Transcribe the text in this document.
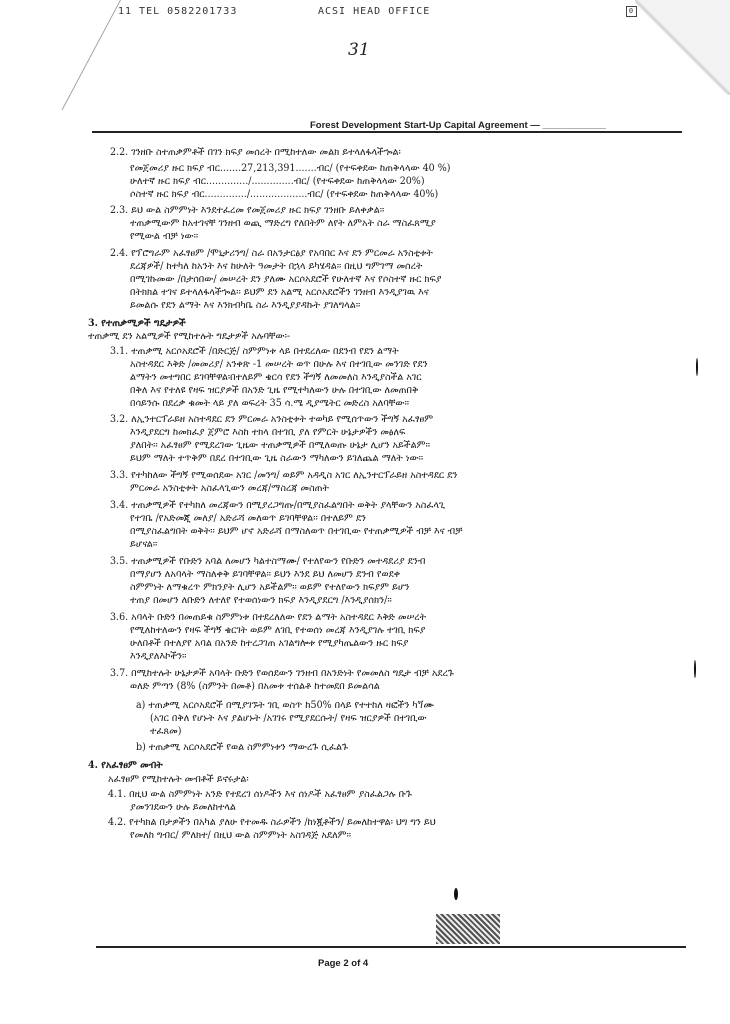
11 TEL 0582201733	ACSI HEAD OFFICE	0
31
Forest Development Start-Up Capital Agreement — ____________
2.2. ገንዘቡ ስተጠቃምቶች በገን ክፍያ መሰረት በሚከተለው መልክ ይተላለፋላችኈል፡
የመጀመሪያ ዙር ክፍያ ብር.......27,213,391.......ብር/ (የተፍቀደው ከጠቅላላው 40 %)
ሁለተኛ ዙር ክፍያ ብር............../..............ብር/ (የተፍቀደው ከጠቅላላው 20%)
ሶስተኛ ዙር ክፍያ ብር............../...................ብር/ (የተፍቀደው ከጠቅላላው 40%)
2.3. ይህ ውል ስምምነት እንደተፈረመ የመጀመሪያ ዙር ክፍያ ገንዘቡ ይለቀቃል፡፡
ተጠቃሚውም ከአተገናቸ ገንዘብ ወጪ ማድረግ የለበትም ለየት ለምአት ስራ ማስፈጸሚያ
የሚውል ብቻ ነው፡፡
2.4. የፕሮግራም አፈፃፀም /ሞኒታሪንግ/ ስራ በአንታርፅያ የአባበር እና ደን ምርመራ አንስቲቱት
ደረጃዎች/ ከተካለ ከአንት እና ከሁለት ዓመታት በኋላ ይካሄዳል፡፡ በዚህ ግምገማ መሰረት
በሚገኩመው /በታሰበው/ መሠረት ደን ያለሙ አርሶአደሮች የሁለተኛ እና የሶስተኛ ዙር ክፍያ
በትክክል ተገና ይተላለፋላችኈል፡፡ ይህም ደን አልሚ አርሶአደሮችን ገንዘብ እንዲያገዉ እና
ይመልሱ የደን ልማት እና እንክብካቤ ስራ እንዲያያዳኩት ያገለግላል፡፡
3. የተጠቃሚዎች ግዴታዎች
ተጠቃሚ ደን አልሚዎች የሚከተሉት ግዴታዎች አሉባቸው፡-
3.1. ተጠቃሚ አርሶአደሮች /በድርጅ/ ስምምነቱ ላይ በተደረለው በደንብ የደን ልማት
አስተዳደር እቅድ /መመሪያ/ አንቀጽ -1 መሠረት ወጥ በሁሉ እና በተገቢው መንገድ የደን
ልማትን መተግበር ይገባቸዋል፡በተለይም ቄርሳ የደን ችግኝ ለመመለስ እንዲያስችል አገር
በቅለ እና የተለዩ የዛፍ ዝርያዎች በአንድ ጊዜ የሚተካለውን ሁሉ በተገቢው ለመጠበቅ
በሳይንሱ በደረቃ ቁመት ላይ ያለ ወፍረት 35 ሳ.ሜ ዲያሜትር መድረስ አለባቸው፡፡
3.2. ለኢንተርፕራይዘ አስተዳደር ደን ምርመራ አንስቲቱት ተወካይ የሚሰጥውን ችግኝ አፈፃፀም
እንዲያደርግ ከመክፈያ ጀምሮ እስከ ተክላ በተገቢ ያለ የምርት ሁኔታዎችን መፅለፍ
ያለበት፡፡ አፈፃፀም የሚደረገው ጊዜው ተጠቃሚዎች በሚለወጡ ሁኔታ ሊሆን አይችልም፡፡
ይህም ማለት ተጥቅም በደረ በተገቢው ጊዜ ስራውን ማካለውን ይገለጨል ማለት ነው፡፡
3.3. የተካከለው ችግኝ የሚወሰደው አገር /መንግ/ ወይም አዳዲስ አገር ለኢንተርፕራይዘ አስተዳደር ደን
ምርመራ አንስቲቱት አስፈላጊውን መረጃ/ማስረጃ መስጠት
3.4. ተጠቃሚዎች የተካክለ መረጃውን በሚያረጋግጡ/በሚያስፈልግበት ወቅት ያላቸውን አስፈላጊ
የተገቤ /የአድመጂ መለያ/ አድራሻ መለወጥ ይገባቸዋል፡፡ በተለይም ደን
በሚያስፈልግበት ወቅት፡፡ ይህም ሆኖ አድራሻ በማስለወጥ በተገቢው የተጠቃሚዎች ብቻ እና ብቻ
ይሆናል፡፡
3.5. ተጠቃሚዎች የቡድን አባል ለመሆን ካልተስማሙ/ የተለየውን የቡድን መተዳደሪያ ደንብ
በማያሆን ለአባላት ማስለቀቅ ይገባቸዋል፡፡ ይህን እንደ ይህ ለመሆን ደንብ የወደቀ
ስምምነት ለማቁረጥ ምክንያት ሊሆን አይችልም፡፡ ወይም የተለየውን ክፍያም ይሆን
ተጠያ በመሆን ለቡድን ለተለየ የተወሰነውን ክፍያ እንዲያደርግ /እንዲያሰክን/፡፡
3.6. አባላት ቡድን በመጠይቁ ስምምነቱ በተደረለለው የደን ልማት አስተዳደር እቅድ መሠረት
የሚለከተለውን የዛፍ ችግኝ ቄርገት ወይም ለገቢ የተወሰነ መረጃ እንዲያገሉ ተገቢ ክፍያ
ሁለበቶች በተለያየ አባል በአንድ ከተረጋገጠ አገልግሎቱ የሚያካጤልውን ዙር ክፍያ
እንዲያለእኮችን፡፡
3.7. በሚከተሉት ሁኔታዎች አባላት ቡድን የወሰደውን ገንዘብ በአንድነት የመመለስ ግዴታ ብቻ አደረጉ
ወለድ ምጣን (8% (ስምንት በመቶ) በአመቱ ተሰልቶ ከተመደበ ይመልሳል
a) ተጠቃሚ አርሶአደሮች በሚያገኙት ገቢ ወስጥ ከ50% በላይ የተተከለ ዛፎችን ካጘሙ
(አገር በቅለ የሆኑት እና ያልሆኑት /አገገሩ የሚያደርሱት/ የዛፍ ዝርያዎች በተገቢው
ተፈጸመ)
b) ተጠቃሚ አርሶአደሮች የወል ስምምነቱን ማውረጉ ሲፈልጉ
4. የአፈፃፀም መብት
አፈፃፀም የሚከተሉት መብቶች ይኖሩታል፡
4.1. በዚህ ውል ስምምነት አንድ የተደረገ ሰነዶችን እና ሰነዶች አፈፃፀም ያስፈልጋሉ ቡጉ
ያመንገደውን ሁሉ ይመለከተላል
4.2. የተካክል በታዎችን በአካል ያለሁ የተመዱ ስራዎችን /ከነጇቶችን/ ይመለከተዋል፡ ህግ ግን ይህ
የመለከ ግብር/ ምለክተ/ በዚህ ውል ስምምነት አስገዳጅ አደለም፡፡
Page 2 of 4
